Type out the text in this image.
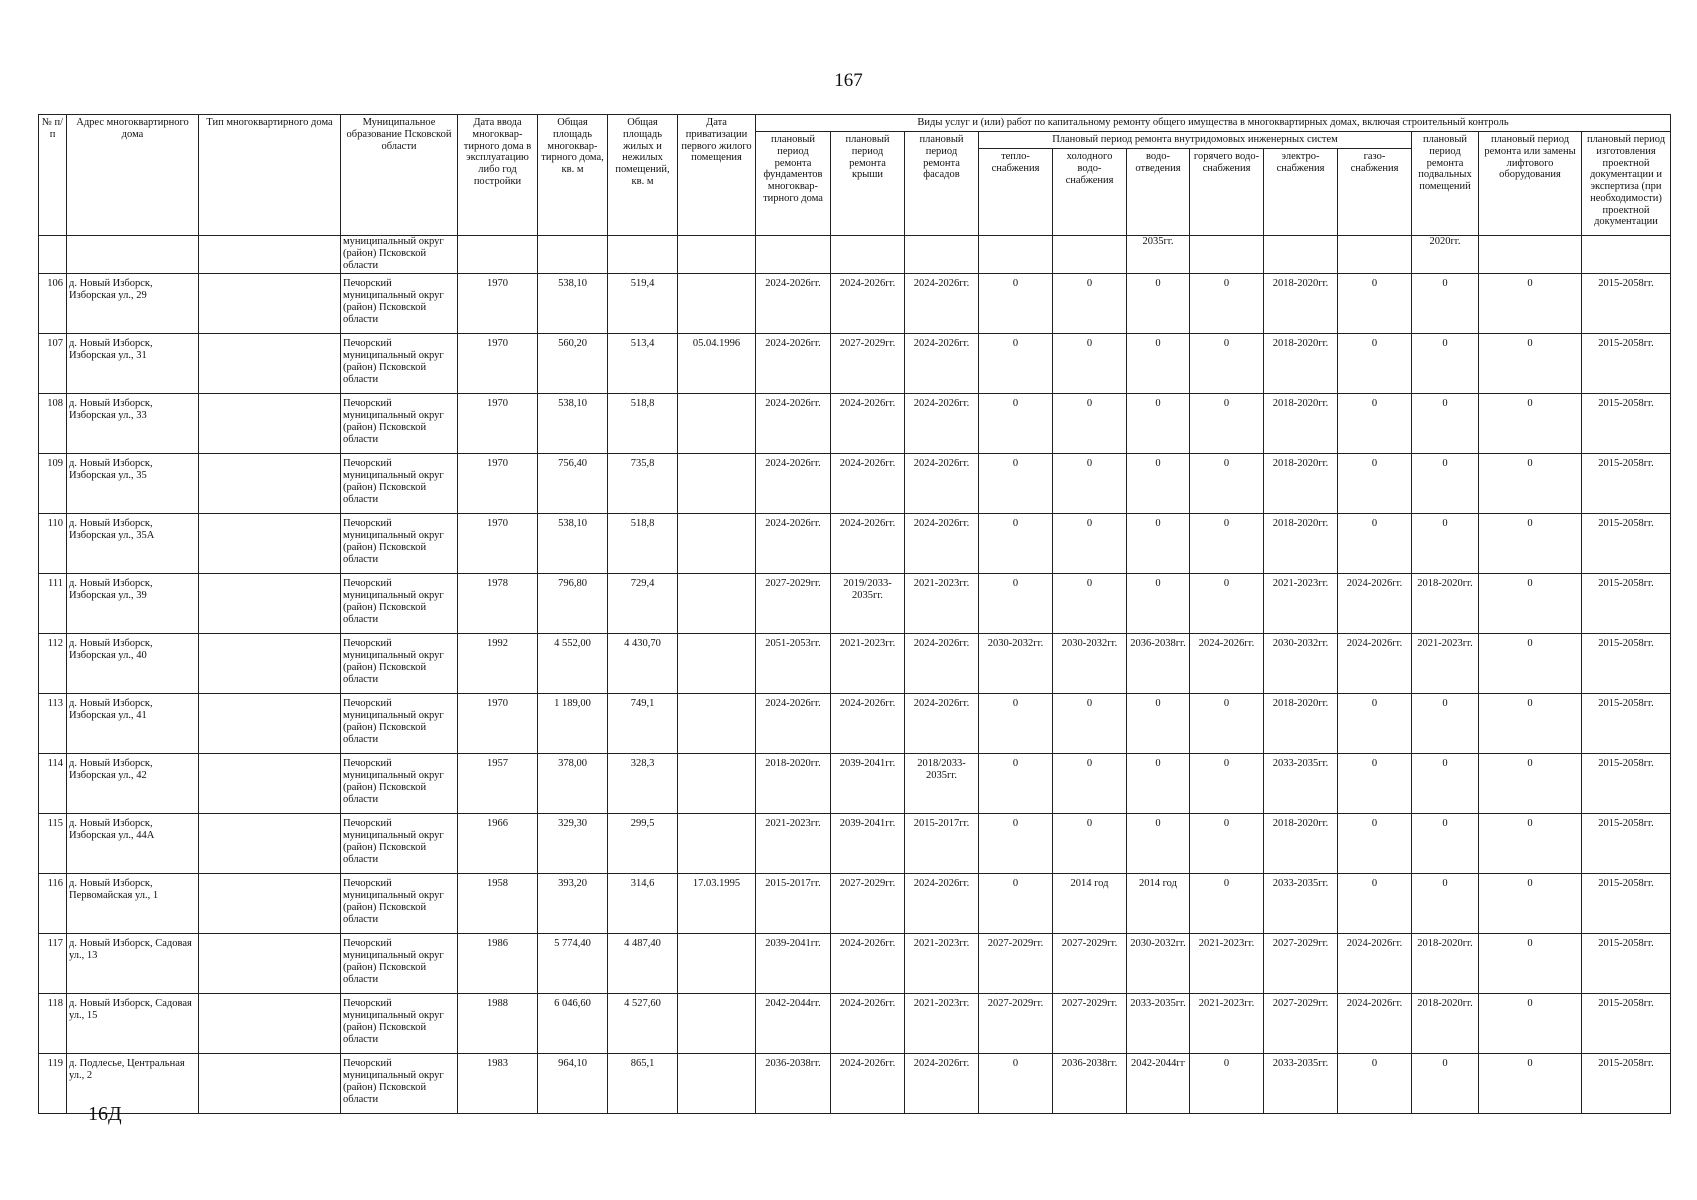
167
№ п/п	Адрес многоквартирного дома	Тип многоквартирного дома	Муниципальное образование Псковской области	Дата ввода многоквар-тирного дома в эксплуатацию либо год постройки	Общая площадь многоквар-тирного дома, кв. м	Общая площадь жилых и нежилых помещений, кв. м	Дата приватизации первого жилого помещения	Виды услуг и (или) работ по капитальному ремонту общего имущества в многоквартирных домах, включая строительный контроль											
								плановый период ремонта фундаментов многоквар-тирного дома	плановый период ремонта крыши	плановый период ремонта фасадов	Плановый период ремонта внутридомовых инженерных систем						плановый период ремонта подвальных помещений	плановый период ремонта или замены лифтового оборудования	плановый период изготовления проектной документации и экспертиза (при необходимости) проектной документации
											тепло-снабжения	холодного водо-снабжения	водо-отведения	горячего водо-снабжения	электро-снабжения	газо-снабжения			
			муниципальный округ (район) Псковской области										2035гг.				2020гг.		
106	д. Новый Изборск, Изборская ул., 29		Печорский муниципальный округ (район) Псковской области	1970	538,10	519,4		2024-2026гг.	2024-2026гг.	2024-2026гг.	0	0	0	0	2018-2020гг.	0	0	0	2015-2058гг.
107	д. Новый Изборск, Изборская ул., 31		Печорский муниципальный округ (район) Псковской области	1970	560,20	513,4	05.04.1996	2024-2026гг.	2027-2029гг.	2024-2026гг.	0	0	0	0	2018-2020гг.	0	0	0	2015-2058гг.
108	д. Новый Изборск, Изборская ул., 33		Печорский муниципальный округ (район) Псковской области	1970	538,10	518,8		2024-2026гг.	2024-2026гг.	2024-2026гг.	0	0	0	0	2018-2020гг.	0	0	0	2015-2058гг.
109	д. Новый Изборск, Изборская ул., 35		Печорский муниципальный округ (район) Псковской области	1970	756,40	735,8		2024-2026гг.	2024-2026гг.	2024-2026гг.	0	0	0	0	2018-2020гг.	0	0	0	2015-2058гг.
110	д. Новый Изборск, Изборская ул., 35А		Печорский муниципальный округ (район) Псковской области	1970	538,10	518,8		2024-2026гг.	2024-2026гг.	2024-2026гг.	0	0	0	0	2018-2020гг.	0	0	0	2015-2058гг.
111	д. Новый Изборск, Изборская ул., 39		Печорский муниципальный округ (район) Псковской области	1978	796,80	729,4		2027-2029гг.	2019/2033-2035гг.	2021-2023гг.	0	0	0	0	2021-2023гг.	2024-2026гг.	2018-2020гг.	0	2015-2058гг.
112	д. Новый Изборск, Изборская ул., 40		Печорский муниципальный округ (район) Псковской области	1992	4 552,00	4 430,70		2051-2053гг.	2021-2023гг.	2024-2026гг.	2030-2032гг.	2030-2032гг.	2036-2038гг.	2024-2026гг.	2030-2032гг.	2024-2026гг.	2021-2023гг.	0	2015-2058гг.
113	д. Новый Изборск, Изборская ул., 41		Печорский муниципальный округ (район) Псковской области	1970	1 189,00	749,1		2024-2026гг.	2024-2026гг.	2024-2026гг.	0	0	0	0	2018-2020гг.	0	0	0	2015-2058гг.
114	д. Новый Изборск, Изборская ул., 42		Печорский муниципальный округ (район) Псковской области	1957	378,00	328,3		2018-2020гг.	2039-2041гг.	2018/2033-2035гг.	0	0	0	0	2033-2035гг.	0	0	0	2015-2058гг.
115	д. Новый Изборск, Изборская ул., 44А		Печорский муниципальный округ (район) Псковской области	1966	329,30	299,5		2021-2023гг.	2039-2041гг.	2015-2017гг.	0	0	0	0	2018-2020гг.	0	0	0	2015-2058гг.
116	д. Новый Изборск, Первомайская ул., 1		Печорский муниципальный округ (район) Псковской области	1958	393,20	314,6	17.03.1995	2015-2017гг.	2027-2029гг.	2024-2026гг.	0	2014 год	2014 год	0	2033-2035гг.	0	0	0	2015-2058гг.
117	д. Новый Изборск, Садовая ул., 13		Печорский муниципальный округ (район) Псковской области	1986	5 774,40	4 487,40		2039-2041гг.	2024-2026гг.	2021-2023гг.	2027-2029гг.	2027-2029гг.	2030-2032гг.	2021-2023гг.	2027-2029гг.	2024-2026гг.	2018-2020гг.	0	2015-2058гг.
118	д. Новый Изборск, Садовая ул., 15		Печорский муниципальный округ (район) Псковской области	1988	6 046,60	4 527,60		2042-2044гг.	2024-2026гг.	2021-2023гг.	2027-2029гг.	2027-2029гг.	2033-2035гг.	2021-2023гг.	2027-2029гг.	2024-2026гг.	2018-2020гг.	0	2015-2058гг.
119	д. Подлесье, Центральная ул., 2		Печорский муниципальный округ (район) Псковской области	1983	964,10	865,1		2036-2038гг.	2024-2026гг.	2024-2026гг.	0	2036-2038гг.	2042-2044гг	0	2033-2035гг.	0	0	0	2015-2058гг.
16Д
